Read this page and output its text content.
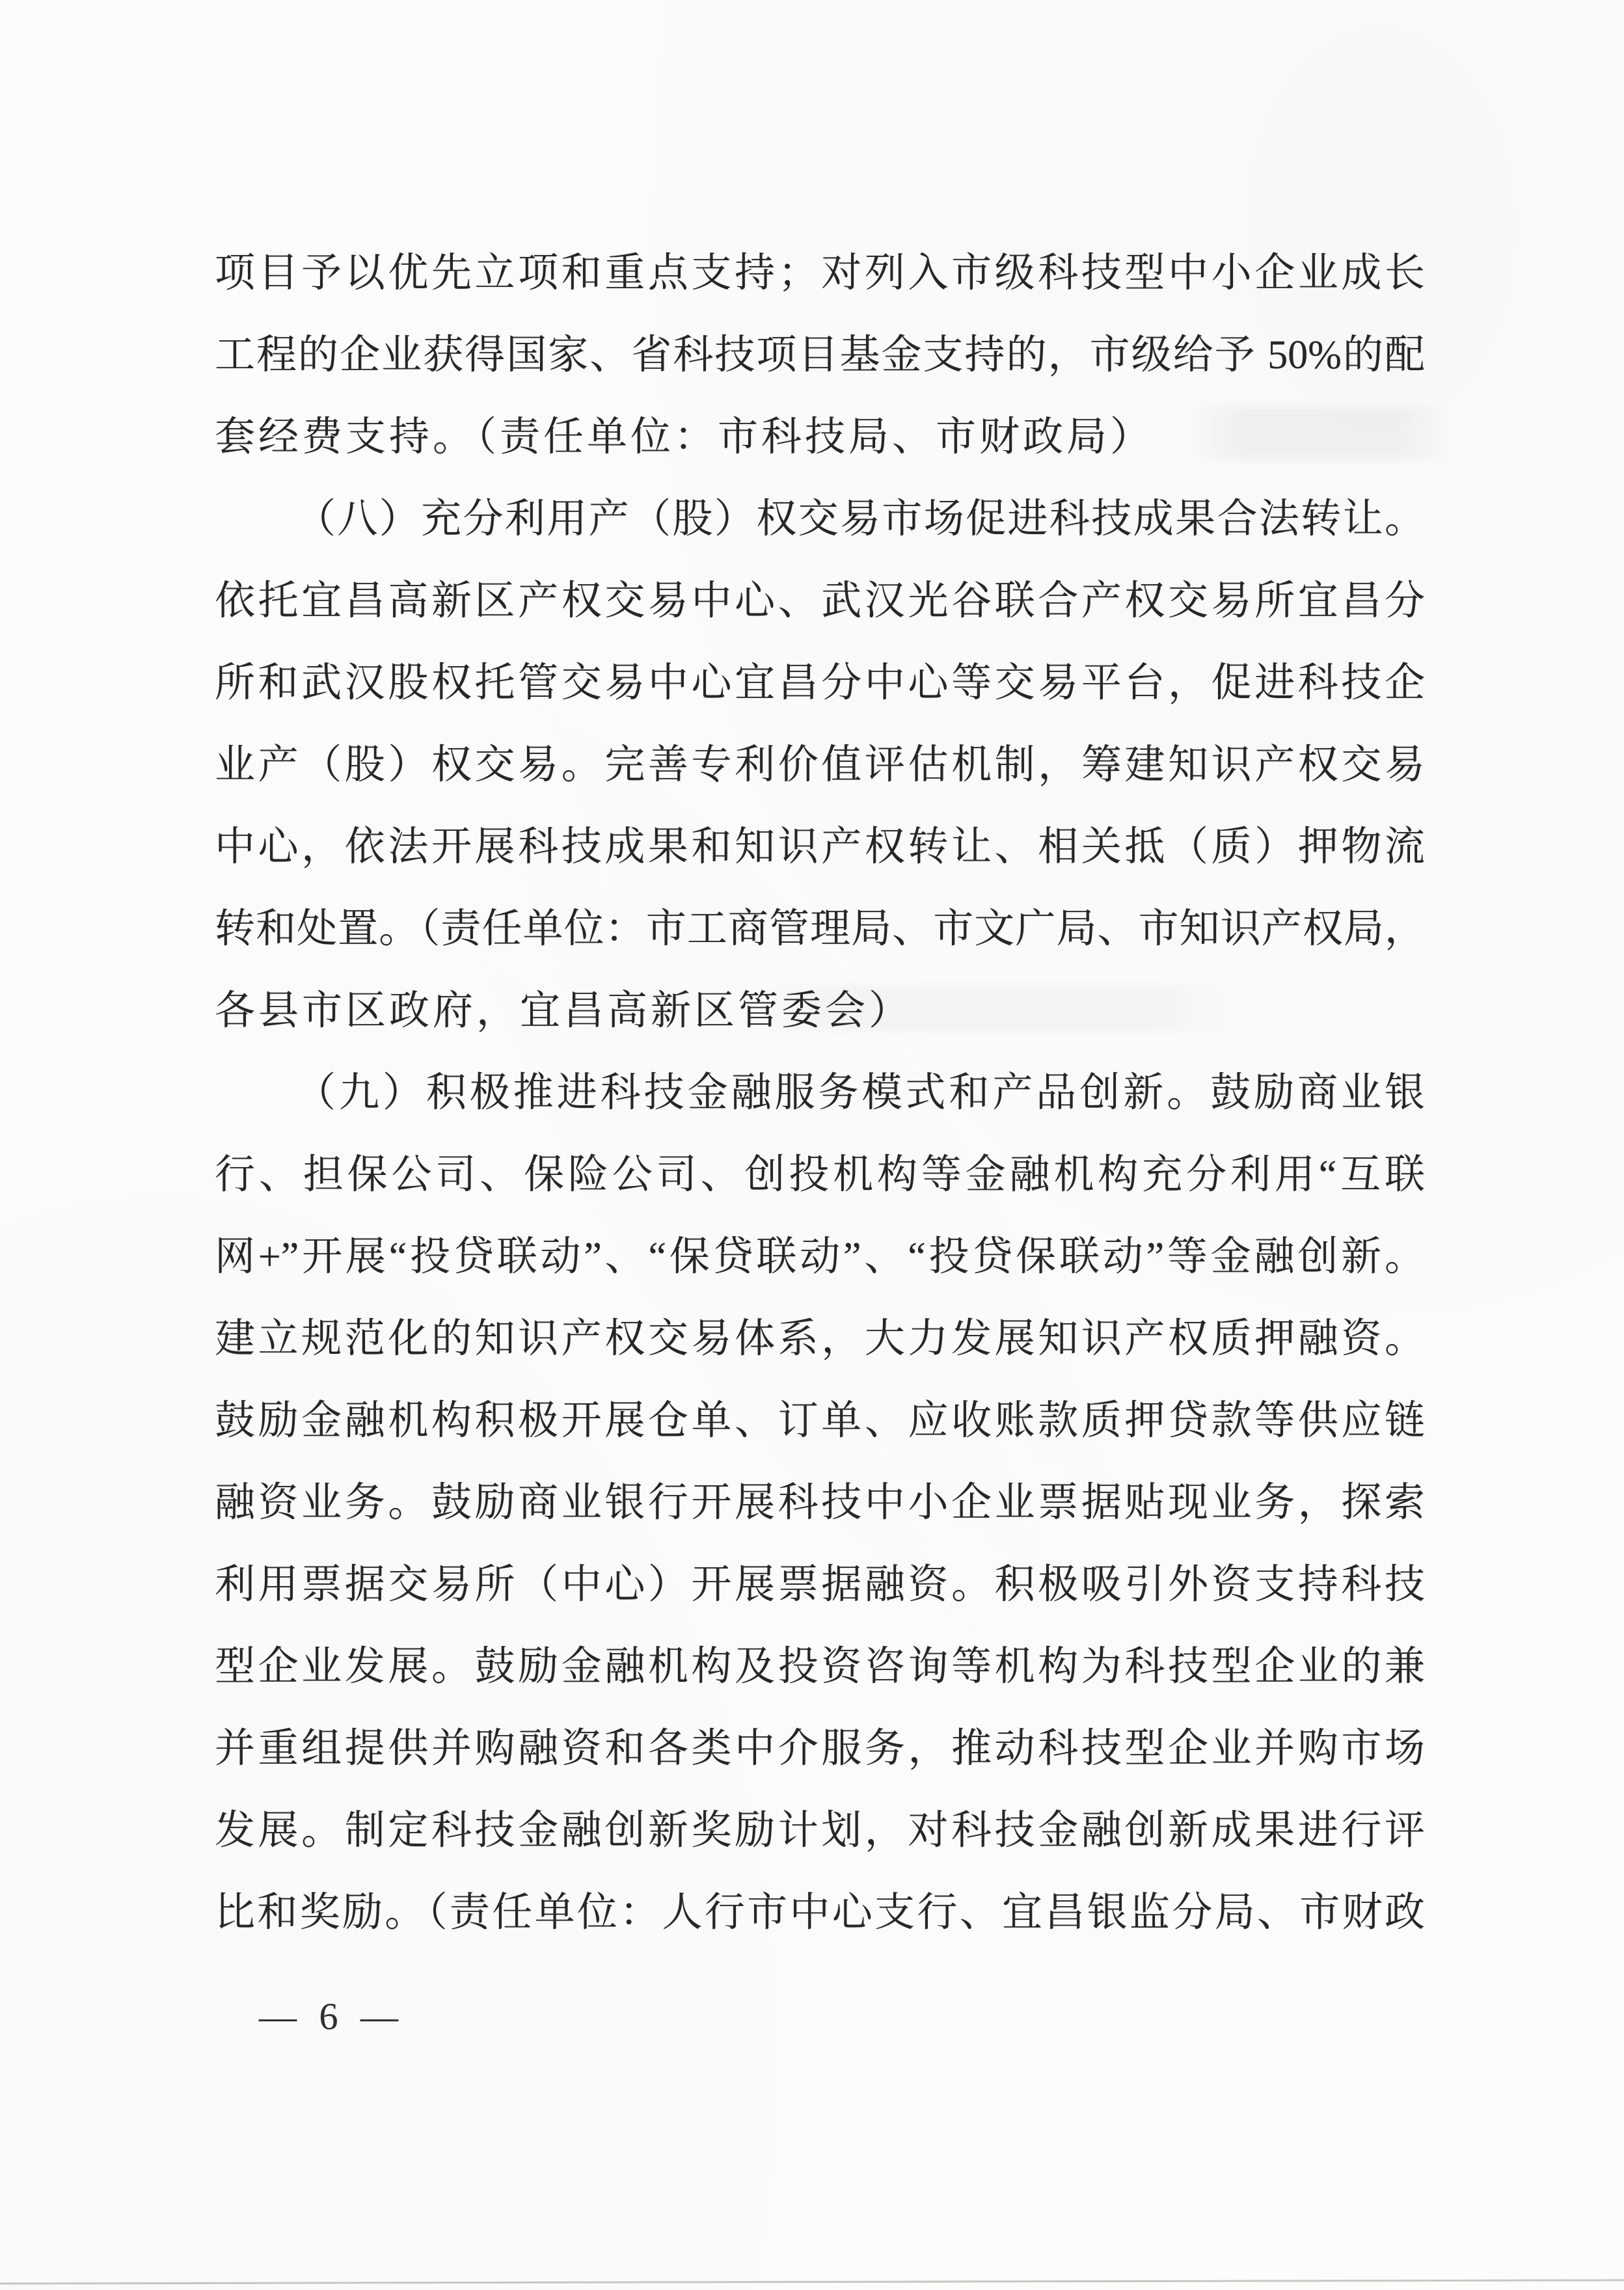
项目予以优先立项和重点支持；对列入市级科技型中小企业成长
工程的企业获得国家、省科技项目基金支持的，市级给予 50%的配
套经费支持。（责任单位：市科技局、市财政局）
（八）充分利用产（股）权交易市场促进科技成果合法转让。
依托宜昌高新区产权交易中心、武汉光谷联合产权交易所宜昌分
所和武汉股权托管交易中心宜昌分中心等交易平台，促进科技企
业产（股）权交易。完善专利价值评估机制，筹建知识产权交易
中心，依法开展科技成果和知识产权转让、相关抵（质）押物流
转和处置。（责任单位：市工商管理局、市文广局、市知识产权局，
各县市区政府，宜昌高新区管委会）
（九）积极推进科技金融服务模式和产品创新。鼓励商业银
行、担保公司、保险公司、创投机构等金融机构充分利用“互联
网+”开展“投贷联动”、“保贷联动”、“投贷保联动”等金融创新。
建立规范化的知识产权交易体系，大力发展知识产权质押融资。
鼓励金融机构积极开展仓单、订单、应收账款质押贷款等供应链
融资业务。鼓励商业银行开展科技中小企业票据贴现业务，探索
利用票据交易所（中心）开展票据融资。积极吸引外资支持科技
型企业发展。鼓励金融机构及投资咨询等机构为科技型企业的兼
并重组提供并购融资和各类中介服务，推动科技型企业并购市场
发展。制定科技金融创新奖励计划，对科技金融创新成果进行评
比和奖励。（责任单位：人行市中心支行、宜昌银监分局、市财政
— 6 —
